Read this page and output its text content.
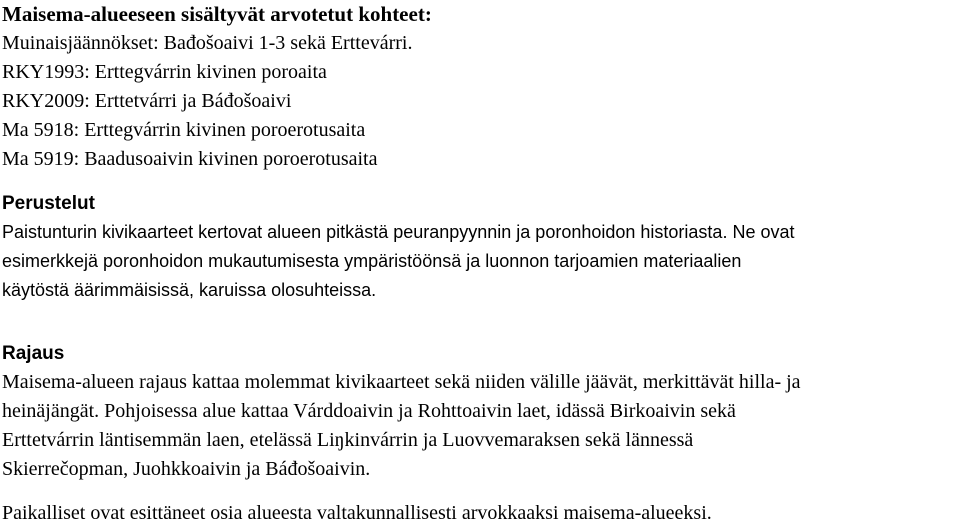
Maisema-alueeseen sisältyvät arvotetut kohteet:
Muinaisjäännökset: Bađošoaivi 1-3 sekä Erttevárri.
RKY1993: Erttegvárrin kivinen poroaita
RKY2009: Erttetvárri ja Báđošoaivi
Ma 5918: Erttegvárrin kivinen poroerotusaita
Ma 5919: Baadusoaivin kivinen poroerotusaita
Perustelut
Paistunturin kivikaarteet kertovat alueen pitkästä peuranpyynnin ja poronhoidon historiasta. Ne ovat
esimerkkejä poronhoidon mukautumisesta ympäristöönsä ja luonnon tarjoamien materiaalien
käytöstä äärimmäisissä, karuissa olosuhteissa.
Rajaus
Maisema-alueen rajaus kattaa molemmat kivikaarteet sekä niiden välille jäävät, merkittävät hilla- ja
heinäjängät. Pohjoisessa alue kattaa Várddoaivin ja Rohttoaivin laet, idässä Birkoaivin sekä
Erttetvárrin läntisemmän laen, etelässä Liŋkinvárrin ja Luovvemaraksen sekä lännessä
Skierrečopman, Juohkkoaivin ja Báđošoaivin.
Paikalliset ovat esittäneet osia alueesta valtakunnallisesti arvokkaaksi maisema-alueeksi.
